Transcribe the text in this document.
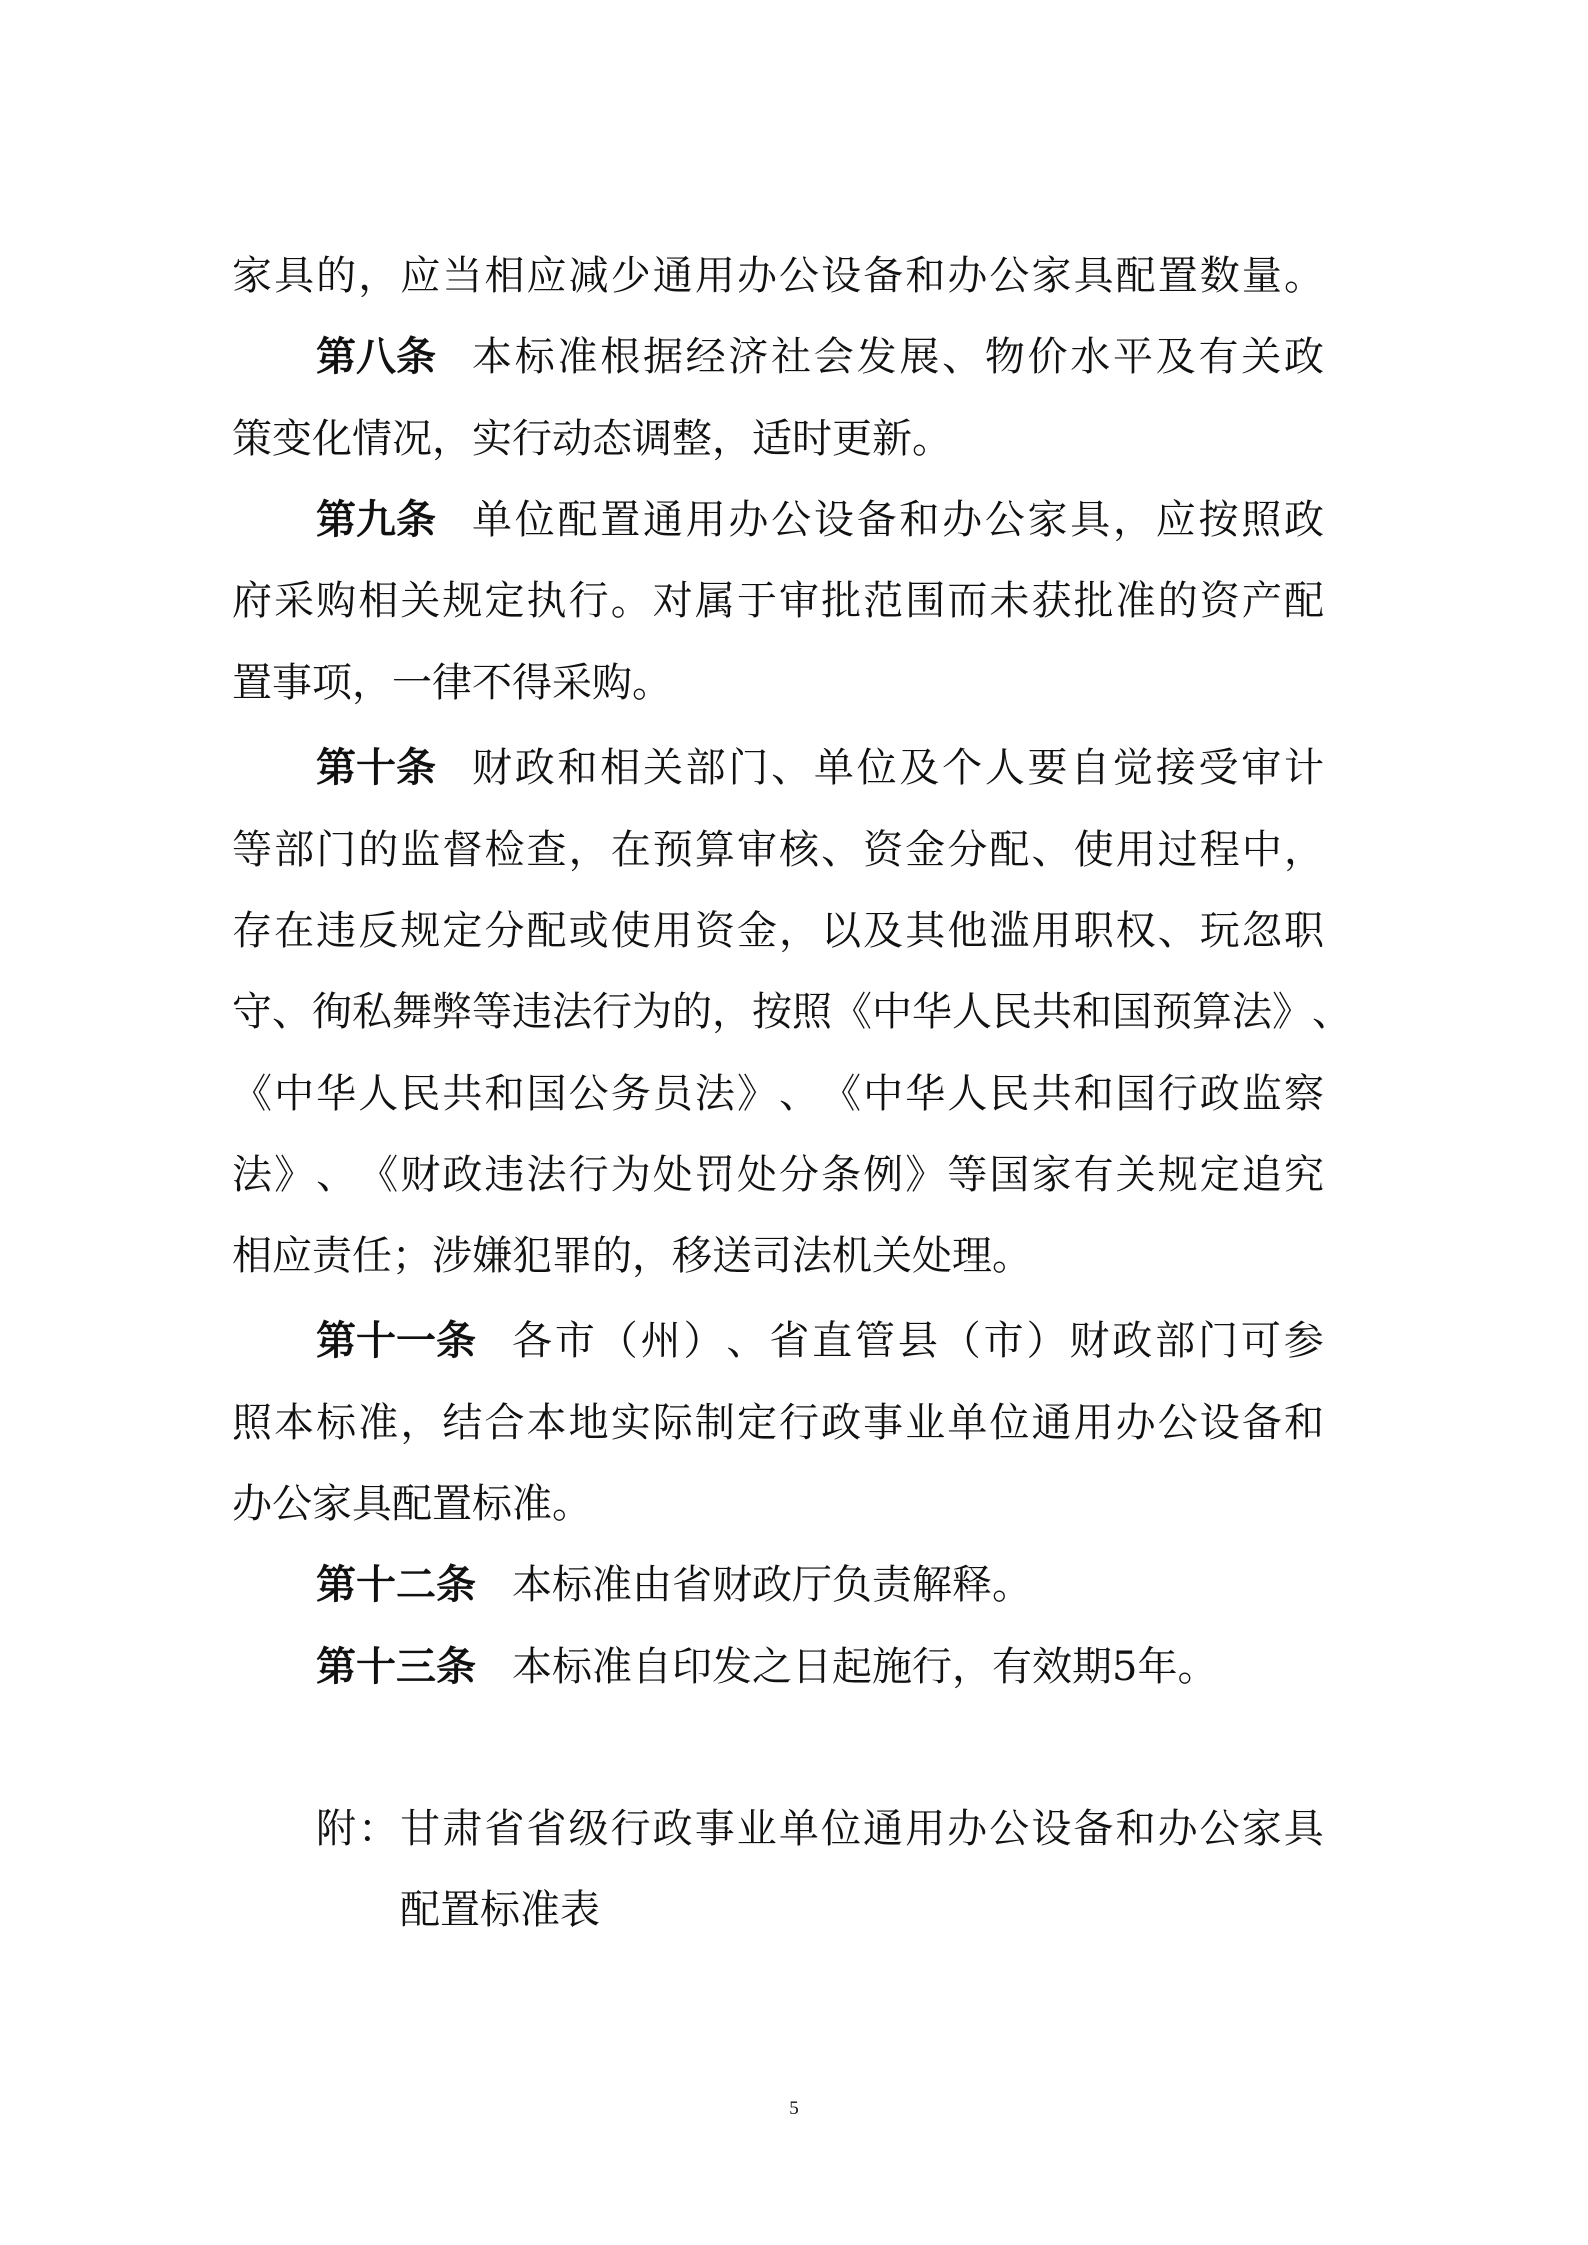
家 具 的 ， 应 当 相 应 减 少 通 用 办 公 设 备 和 办 公 家 具 配 置 数 量 。
第八条 本 标 准 根 据 经 济 社 会 发 展 、 物 价 水 平 及 有 关 政
策变化情况，实行动态调整，适时更新。
第九条 单 位 配 置 通 用 办 公 设 备 和 办 公 家 具 ， 应 按 照 政
府 采 购 相 关 规 定 执 行 。 对 属 于 审 批 范 围 而 未 获 批 准 的 资 产 配
置事项，一律不得采购。
第十条 财 政 和 相 关 部 门 、 单 位 及 个 人 要 自 觉 接 受 审 计
等 部 门 的 监 督 检 查 ， 在 预 算 审 核 、 资 金 分 配 、 使 用 过 程 中 ，
存 在 违 反 规 定 分 配 或 使 用 资 金 ， 以 及 其 他 滥 用 职 权 、 玩 忽 职
守 、 徇 私 舞 弊 等 违 法 行 为 的 ， 按 照 《 中 华 人 民 共 和 国 预 算 法 》 、
《 中 华 人 民 共 和 国 公 务 员 法 》 、 《 中 华 人 民 共 和 国 行 政 监 察
法 》 、 《 财 政 违 法 行 为 处 罚 处 分 条 例 》 等 国 家 有 关 规 定 追 究
相应责任；涉嫌犯罪的，移送司法机关处理。
第十一条 各 市 （ 州 ） 、 省 直 管 县 （ 市 ） 财 政 部 门 可 参
照 本 标 准 ， 结 合 本 地 实 际 制 定 行 政 事 业 单 位 通 用 办 公 设 备 和
办公家具配置标准。
第十二条 本标准由省财政厅负责解释。
第十三条 本标准自印发之日起施行，有效期5年。
附 ： 甘 肃 省 省 级 行 政 事 业 单 位 通 用 办 公 设 备 和 办 公 家 具
配置标准表
5
